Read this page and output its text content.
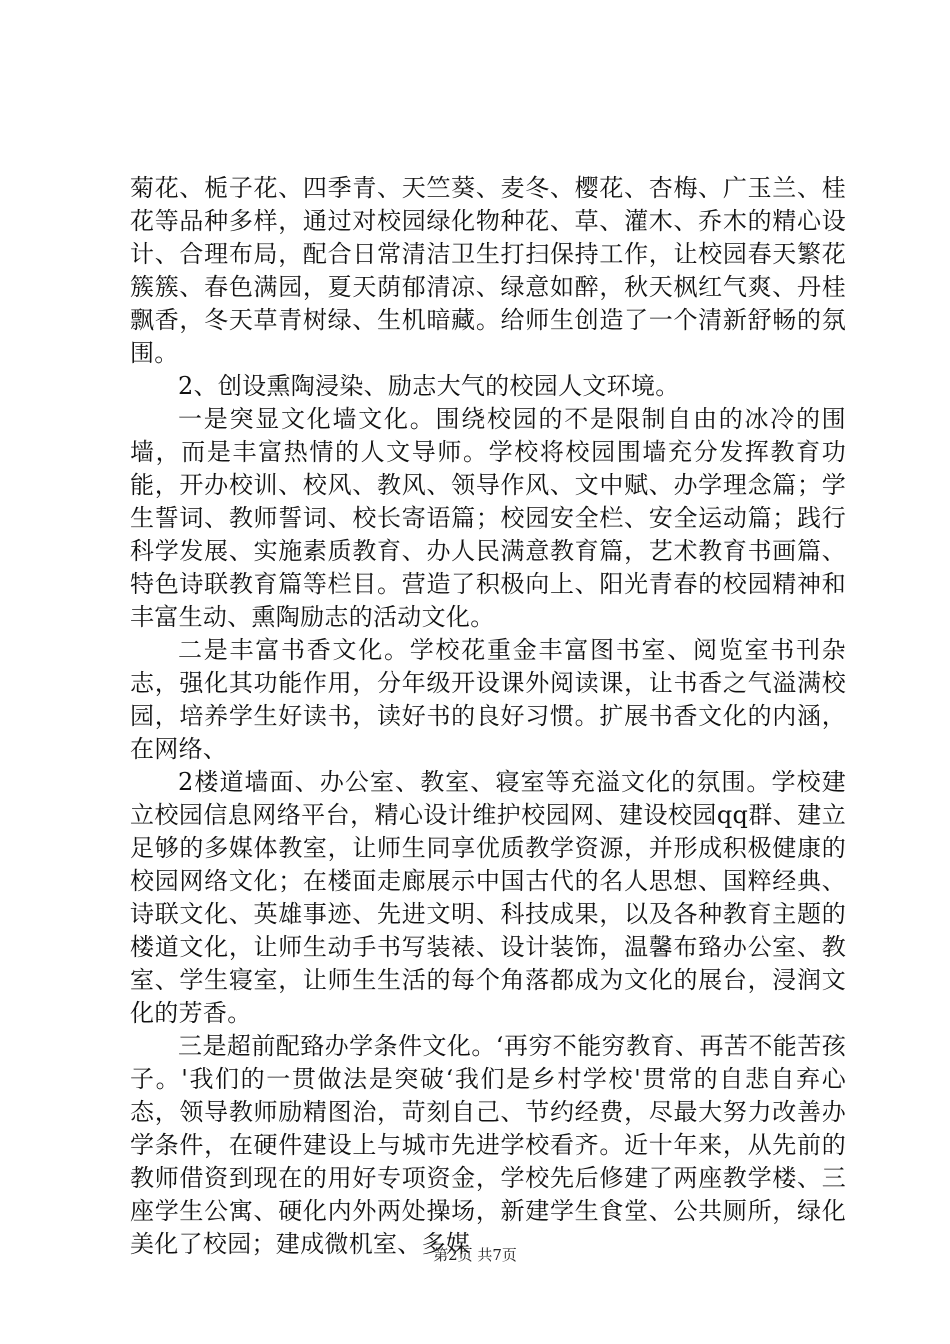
菊花、栀子花、四季青、天竺葵、麦冬、樱花、杏梅、广玉兰、桂花等品种多样，通过对校园绿化物种花、草、灌木、乔木的精心设计、合理布局，配合日常清洁卫生打扫保持工作，让校园春天繁花簇簇、春色满园，夏天荫郁清凉、绿意如醉，秋天枫红气爽、丹桂飘香，冬天草青树绿、生机暗藏。给师生创造了一个清新舒畅的氛围。

2、创设熏陶浸染、励志大气的校园人文环境。

一是突显文化墙文化。围绕校园的不是限制自由的冰冷的围墙，而是丰富热情的人文导师。学校将校园围墙充分发挥教育功能，开办校训、校风、教风、领导作风、文中赋、办学理念篇；学生誓词、教师誓词、校长寄语篇；校园安全栏、安全运动篇；践行科学发展、实施素质教育、办人民满意教育篇，艺术教育书画篇、特色诗联教育篇等栏目。营造了积极向上、阳光青春的校园精神和丰富生动、熏陶励志的活动文化。

二是丰富书香文化。学校花重金丰富图书室、阅览室书刊杂志，强化其功能作用，分年级开设课外阅读课，让书香之气溢满校园，培养学生好读书，读好书的良好习惯。扩展书香文化的内涵，在网络、

2楼道墙面、办公室、教室、寝室等充溢文化的氛围。学校建立校园信息网络平台，精心设计维护校园网、建设校园qq群、建立足够的多媒体教室，让师生同享优质教学资源，并形成积极健康的校园网络文化；在楼面走廊展示中国古代的名人思想、国粹经典、诗联文化、英雄事迹、先进文明、科技成果，以及各种教育主题的楼道文化，让师生动手书写装裱、设计装饰，温馨布臵办公室、教室、学生寝室，让师生生活的每个角落都成为文化的展台，浸润文化的芳香。

三是超前配臵办学条件文化。‘再穷不能穷教育、再苦不能苦孩子。'我们的一贯做法是突破‘我们是乡村学校'贯常的自悲自弃心态，领导教师励精图治，苛刻自己、节约经费，尽最大努力改善办学条件，在硬件建设上与城市先进学校看齐。近十年来，从先前的教师借资到现在的用好专项资金，学校先后修建了两座教学楼、三座学生公寓、硬化内外两处操场，新建学生食堂、公共厕所，绿化美化了校园；建成微机室、多媒

第2页 共7页
